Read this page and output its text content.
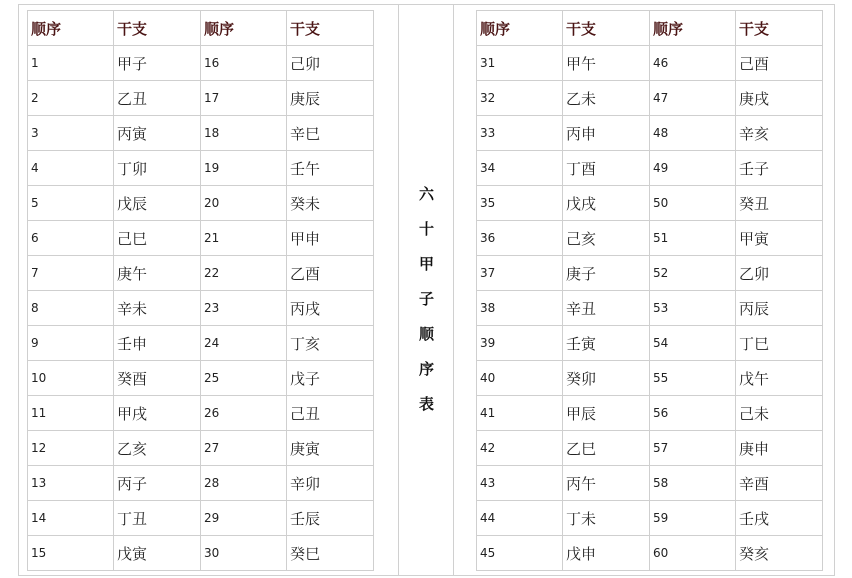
顺序	干支	顺序	干支
1	甲子	16	己卯
2	乙丑	17	庚辰
3	丙寅	18	辛巳
4	丁卯	19	壬午
5	戊辰	20	癸未
6	己巳	21	甲申
7	庚午	22	乙酉
8	辛未	23	丙戌
9	壬申	24	丁亥
10	癸酉	25	戊子
11	甲戌	26	己丑
12	乙亥	27	庚寅
13	丙子	28	辛卯
14	丁丑	29	壬辰
15	戊寅	30	癸巳
六
十
甲
子
顺
序
表
顺序	干支	顺序	干支
31	甲午	46	己酉
32	乙未	47	庚戌
33	丙申	48	辛亥
34	丁酉	49	壬子
35	戊戌	50	癸丑
36	己亥	51	甲寅
37	庚子	52	乙卯
38	辛丑	53	丙辰
39	壬寅	54	丁巳
40	癸卯	55	戊午
41	甲辰	56	己未
42	乙巳	57	庚申
43	丙午	58	辛酉
44	丁未	59	壬戌
45	戊申	60	癸亥
